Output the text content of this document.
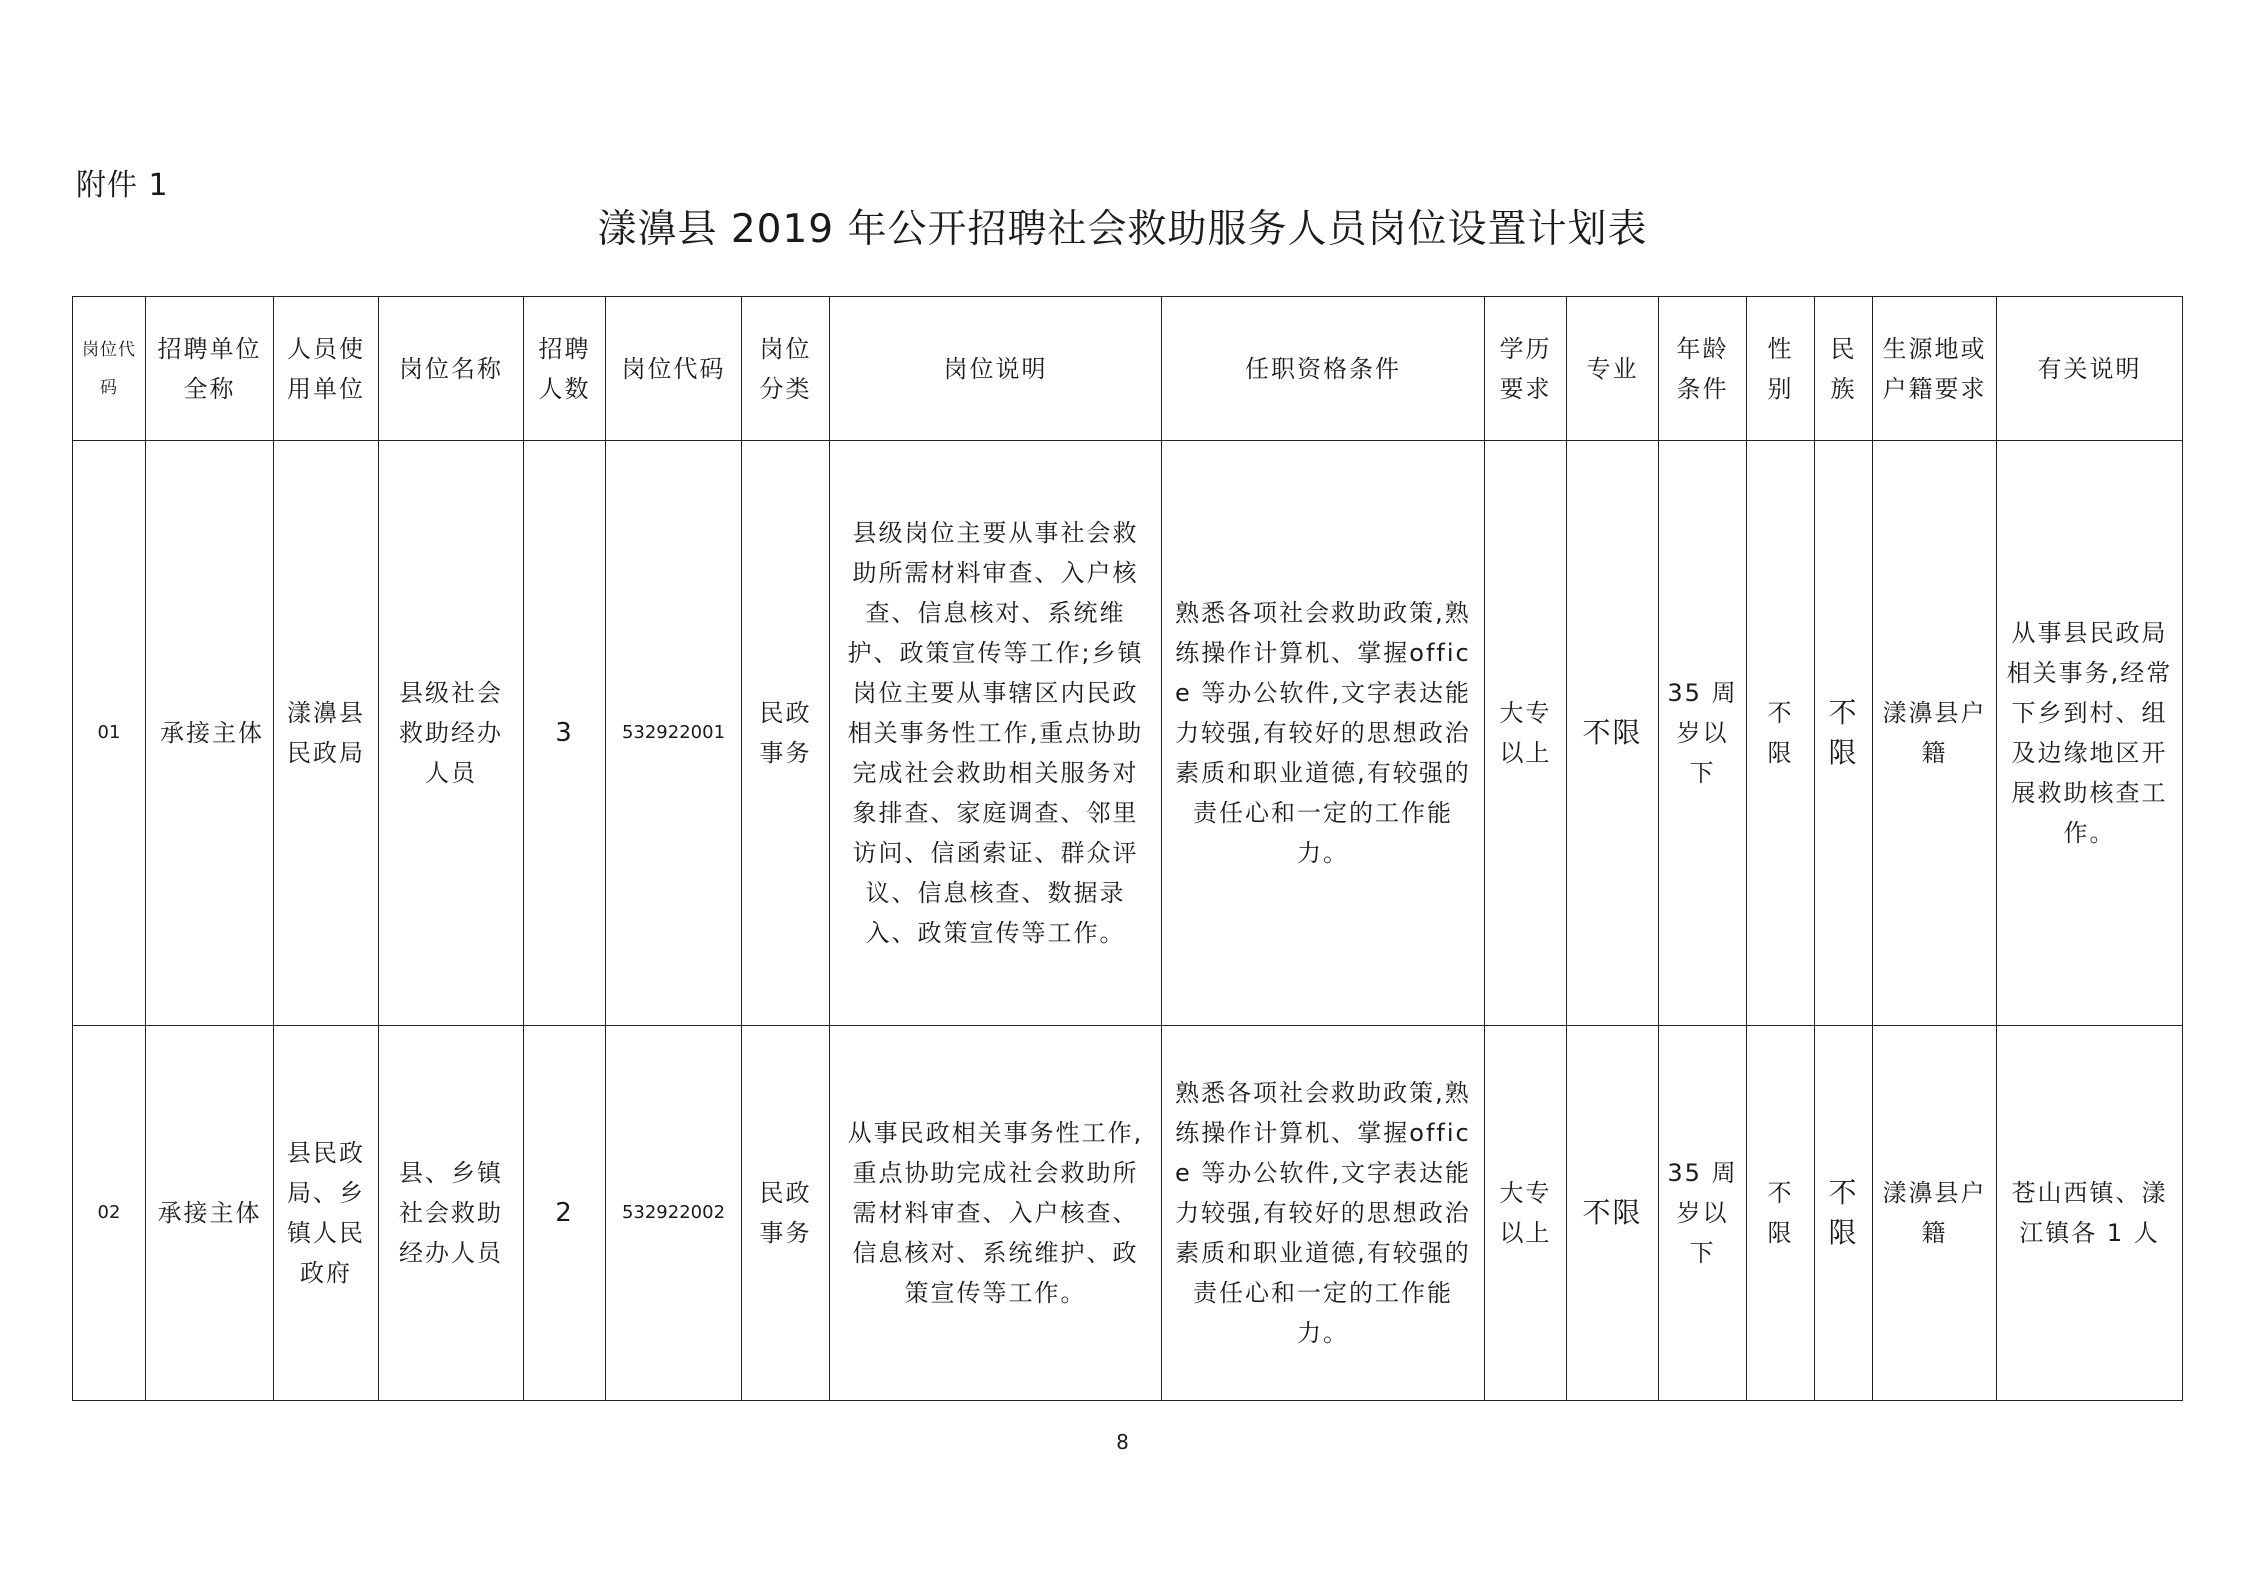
附件 1
漾濞县 2019 年公开招聘社会救助服务人员岗位设置计划表
岗位代码	招聘单位全称	人员使用单位	岗位名称	招聘人数	岗位代码	岗位分类	岗位说明	任职资格条件	学历要求	专业	年龄条件	性别	民族	生源地或户籍要求	有关说明
01	承接主体	漾濞县民政局	县级社会救助经办人员	3	532922001	民政事务	县级岗位主要从事社会救助所需材料审查、入户核查、信息核对、系统维护、政策宣传等工作;乡镇岗位主要从事辖区内民政相关事务性工作,重点协助完成社会救助相关服务对象排查、家庭调查、邻里访问、信函索证、群众评议、信息核查、数据录入、政策宣传等工作。	熟悉各项社会救助政策,熟练操作计算机、掌握office 等办公软件,文字表达能力较强,有较好的思想政治素质和职业道德,有较强的责任心和一定的工作能力。	大专以上	不限	35 周岁以下	不限	不限	漾濞县户籍	从事县民政局相关事务,经常下乡到村、组及边缘地区开展救助核查工作。
02	承接主体	县民政局、乡镇人民政府	县、乡镇社会救助经办人员	2	532922002	民政事务	从事民政相关事务性工作,重点协助完成社会救助所需材料审查、入户核查、信息核对、系统维护、政策宣传等工作。	熟悉各项社会救助政策,熟练操作计算机、掌握office 等办公软件,文字表达能力较强,有较好的思想政治素质和职业道德,有较强的责任心和一定的工作能力。	大专以上	不限	35 周岁以下	不限	不限	漾濞县户籍	苍山西镇、漾江镇各 1 人
8
